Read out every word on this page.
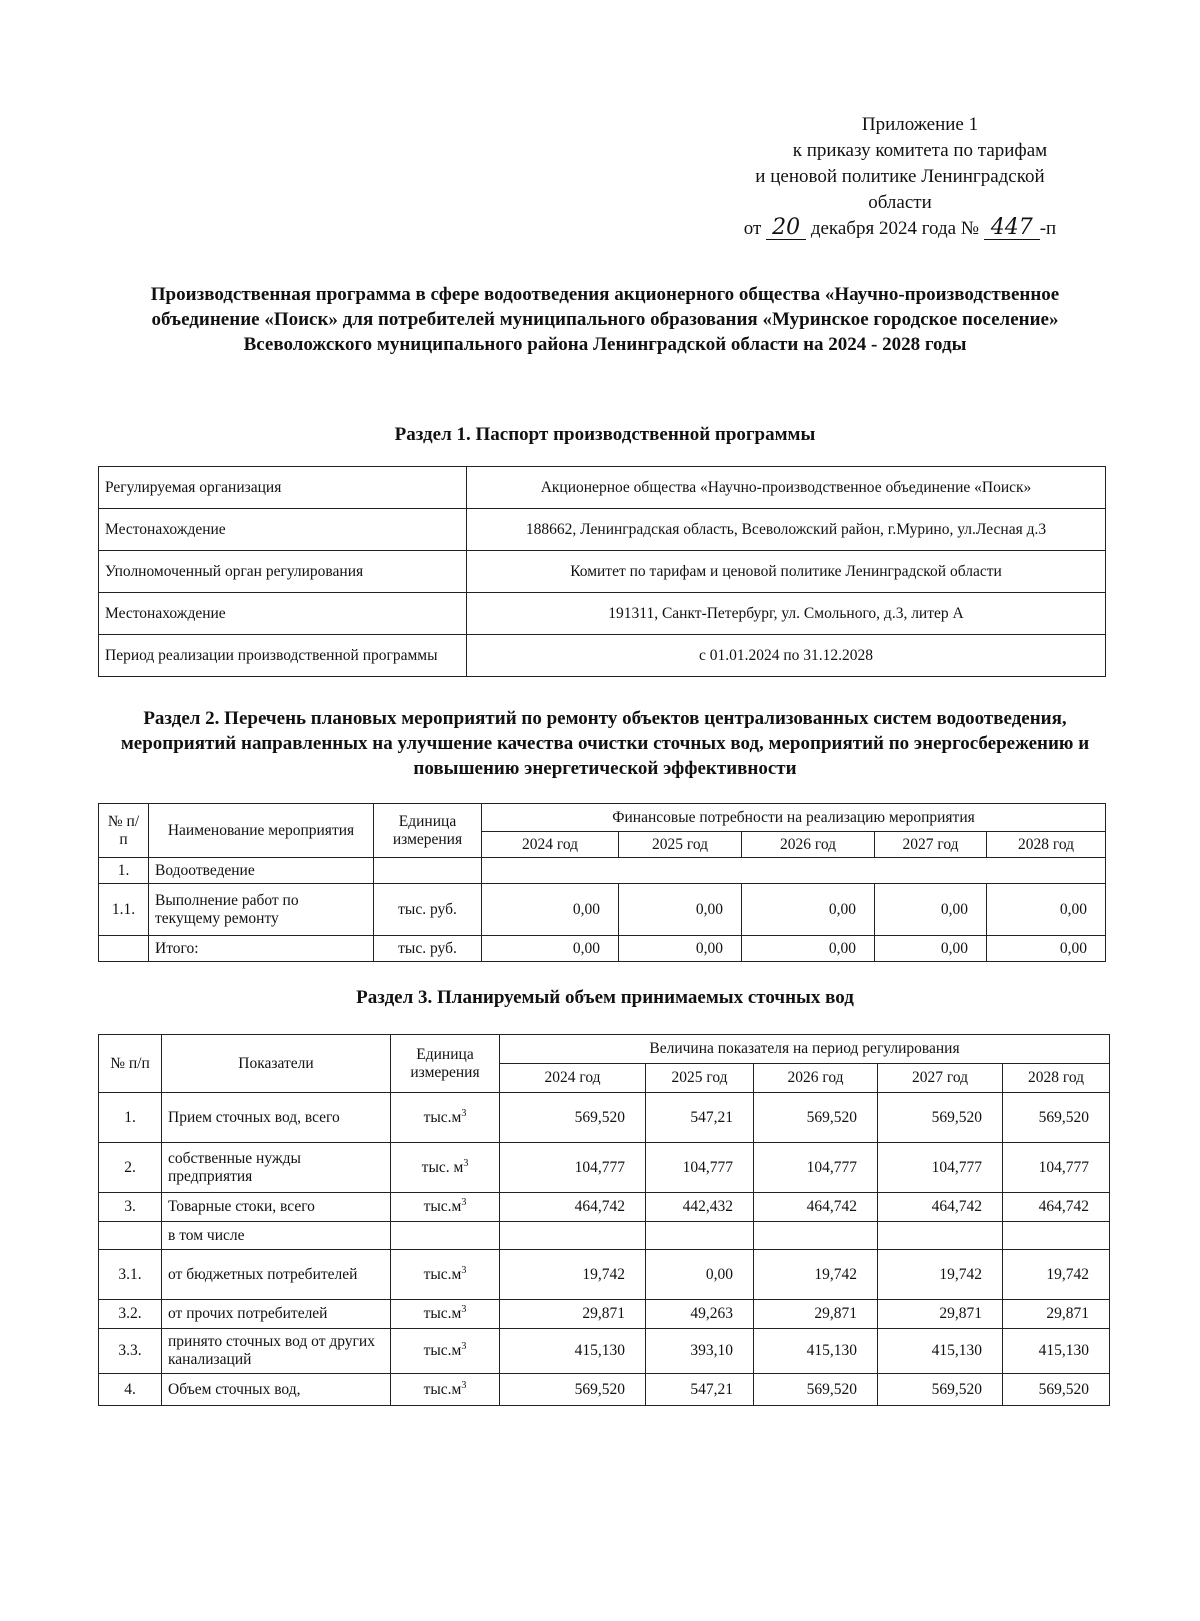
Приложение 1
к приказу комитета по тарифам
и ценовой политике Ленинградской
области
от 20 декабря 2024 года № 447 -п
Производственная программа в сфере водоотведения акционерного общества «Научно-производственное объединение «Поиск» для потребителей муниципального образования «Муринское городское поселение» Всеволожского муниципального района Ленинградской области на 2024 - 2028 годы
Раздел 1. Паспорт производственной программы
Регулируемая организация	Акционерное общества «Научно-производственное объединение «Поиск»
Местонахождение	188662, Ленинградская область, Всеволожский район, г.Мурино, ул.Лесная д.3
Уполномоченный орган регулирования	Комитет по тарифам и ценовой политике Ленинградской области
Местонахождение	191311, Санкт-Петербург, ул. Смольного, д.3, литер А
Период реализации производственной программы	с 01.01.2024 по 31.12.2028
Раздел 2. Перечень плановых мероприятий по ремонту объектов централизованных систем водоотведения, мероприятий направленных на улучшение качества очистки сточных вод, мероприятий по энергосбережению и повышению энергетической эффективности
№ п/п	Наименование мероприятия	Единица измерения	Финансовые потребности на реализацию мероприятия				
			2024 год	2025 год	2026 год	2027 год	2028 год
1.	Водоотведение						
1.1.	Выполнение работ по текущему ремонту	тыс. руб.	0,00	0,00	0,00	0,00	0,00
	Итого:	тыс. руб.	0,00	0,00	0,00	0,00	0,00
Раздел 3. Планируемый объем принимаемых сточных вод
№ п/п	Показатели	Единица измерения	Величина показателя на период регулирования				
			2024 год	2025 год	2026 год	2027 год	2028 год
1.	Прием сточных вод, всего	$тыс.м^3$	569,520	547,21	569,520	569,520	569,520
2.	собственные нужды предприятия	тыс. $м^3$	104,777	104,777	104,777	104,777	104,777
3.	Товарные стоки, всего	$тыс.м^3$	464,742	442,432	464,742	464,742	464,742
	в том числе						
3.1.	от бюджетных потребителей	$тыс.м^3$	19,742	0,00	19,742	19,742	19,742
3.2.	от прочих потребителей	$тыс.м^3$	29,871	49,263	29,871	29,871	29,871
3.3.	принято сточных вод от других канализаций	$тыс.м^3$	415,130	393,10	415,130	415,130	415,130
4.	Объем сточных вод,	$тыс.м^3$	569,520	547,21	569,520	569,520	569,520
